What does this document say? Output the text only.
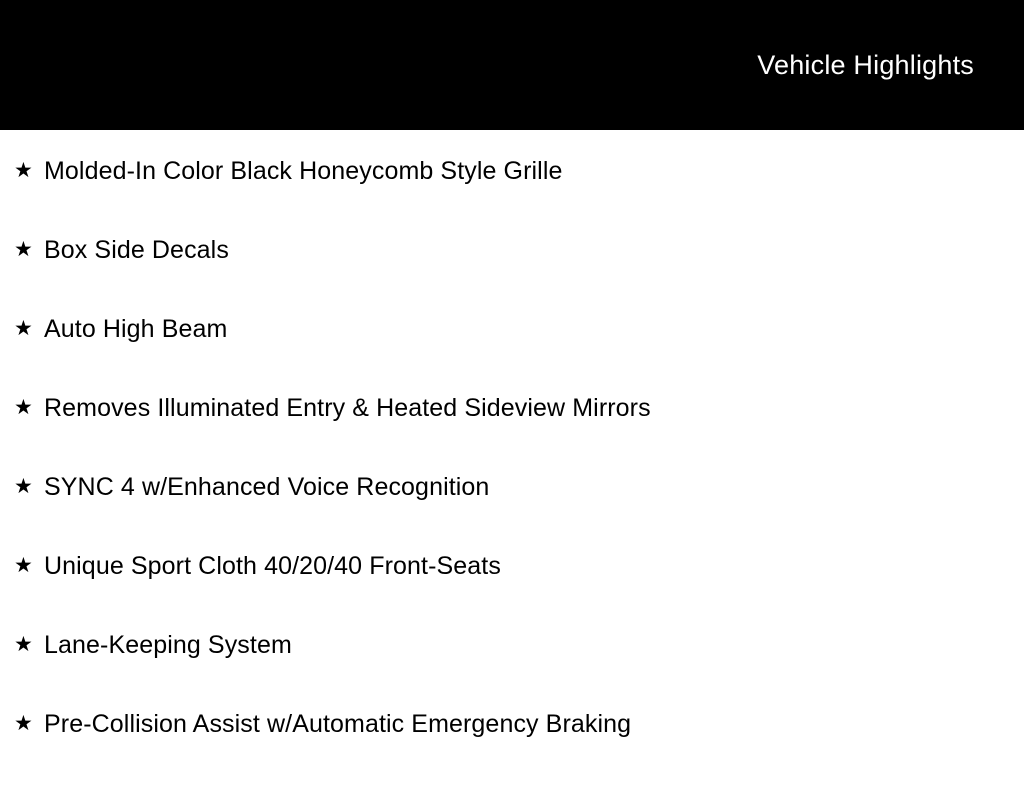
Vehicle Highlights
★ Molded-In Color Black Honeycomb Style Grille
★ Box Side Decals
★ Auto High Beam
★ Removes Illuminated Entry & Heated Sideview Mirrors
★ SYNC 4 w/Enhanced Voice Recognition
★ Unique Sport Cloth 40/20/40 Front-Seats
★ Lane-Keeping System
★ Pre-Collision Assist w/Automatic Emergency Braking
